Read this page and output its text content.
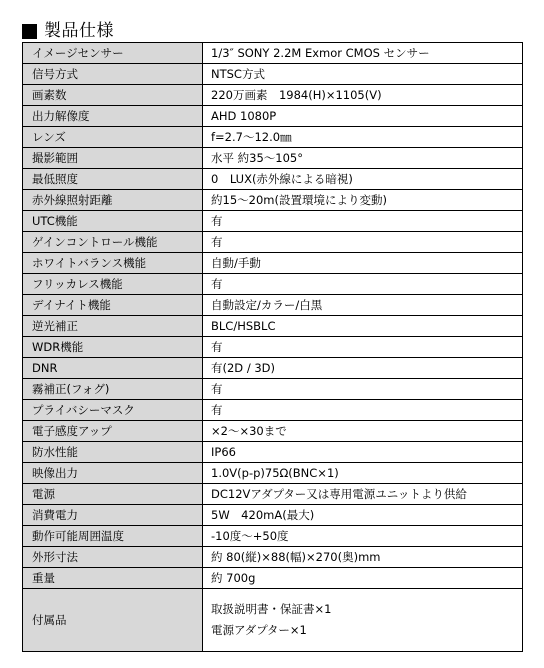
製品仕様
イメージセンサー	1/3″ SONY 2.2M Exmor CMOS センサー
信号方式	NTSC方式
画素数	220万画素　1984(H)×1105(V)
出力解像度	AHD 1080P
レンズ	f=2.7〜12.0㎜
撮影範囲	水平 約35〜105°
最低照度	0　LUX(赤外線による暗視)
赤外線照射距離	約15〜20m(設置環境により変動)
UTC機能	有
ゲインコントロール機能	有
ホワイトバランス機能	自動/手動
フリッカレス機能	有
デイナイト機能	自動設定/カラー/白黒
逆光補正	BLC/HSBLC
WDR機能	有
DNR	有(2D / 3D)
霧補正(フォグ)	有
プライバシーマスク	有
電子感度アップ	×2〜×30まで
防水性能	IP66
映像出力	1.0V(p-p)75Ω(BNC×1)
電源	DC12Vアダプター又は専用電源ユニットより供給
消費電力	5W　420mA(最大)
動作可能周囲温度	-10度〜+50度
外形寸法	約 80(縦)×88(幅)×270(奥)mm
重量	約 700g
付属品	取扱説明書・保証書×1
電源アダプター×1
